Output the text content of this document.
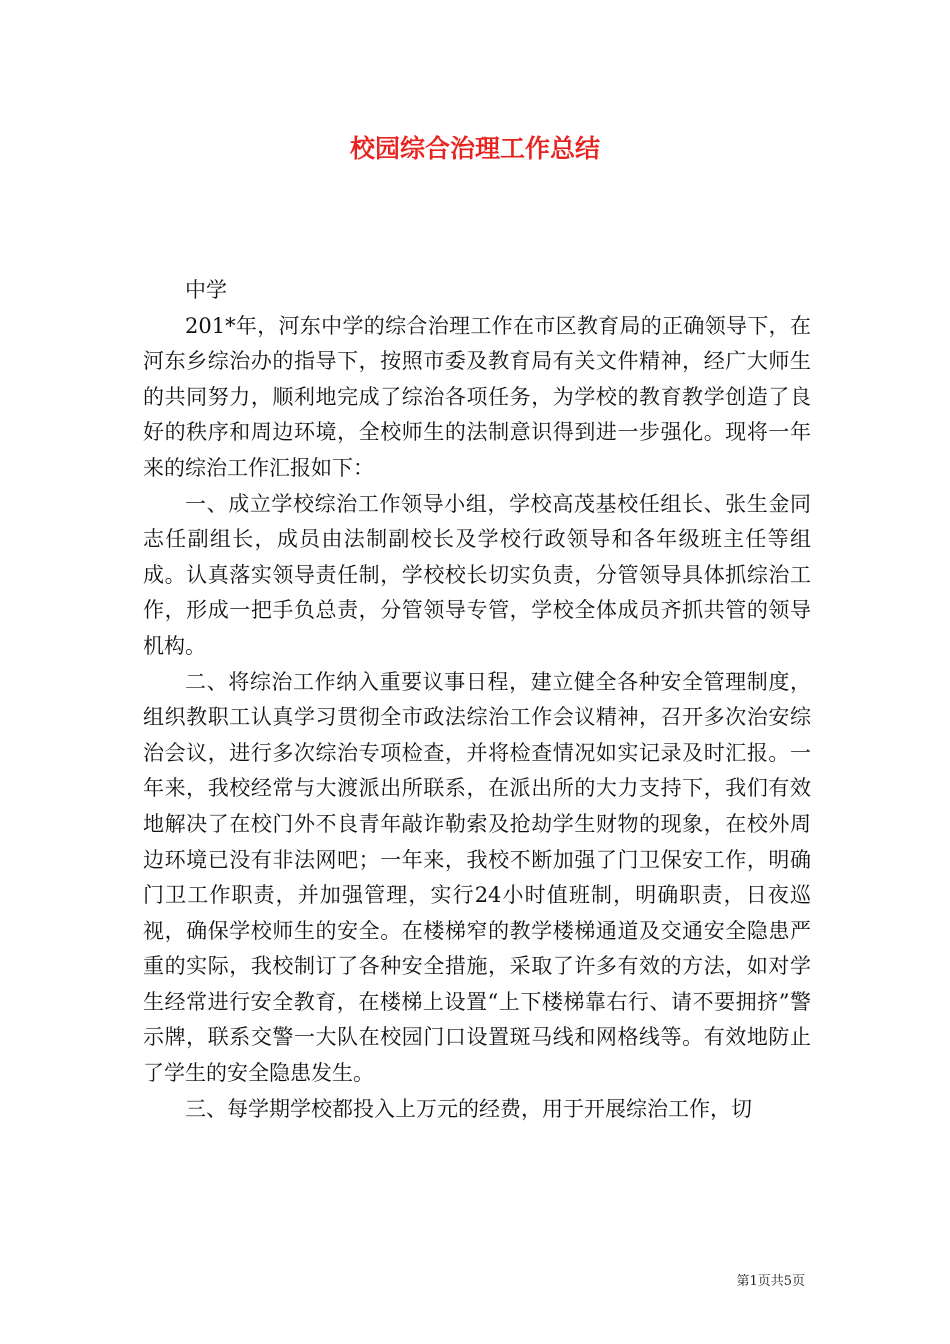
校园综合治理工作总结

中学

201*年，河东中学的综合治理工作在市区教育局的正确领导下，在河东乡综治办的指导下，按照市委及教育局有关文件精神，经广大师生的共同努力，顺利地完成了综治各项任务，为学校的教育教学创造了良好的秩序和周边环境，全校师生的法制意识得到进一步强化。现将一年来的综治工作汇报如下：

一、成立学校综治工作领导小组，学校高茂基校任组长、张生金同志任副组长，成员由法制副校长及学校行政领导和各年级班主任等组成。认真落实领导责任制，学校校长切实负责，分管领导具体抓综治工作，形成一把手负总责，分管领导专管，学校全体成员齐抓共管的领导机构。

二、将综治工作纳入重要议事日程，建立健全各种安全管理制度，组织教职工认真学习贯彻全市政法综治工作会议精神，召开多次治安综治会议，进行多次综治专项检查，并将检查情况如实记录及时汇报。一年来，我校经常与大渡派出所联系，在派出所的大力支持下，我们有效地解决了在校门外不良青年敲诈勒索及抢劫学生财物的现象，在校外周边环境已没有非法网吧；一年来，我校不断加强了门卫保安工作，明确门卫工作职责，并加强管理，实行24小时值班制，明确职责，日夜巡视，确保学校师生的安全。在楼梯窄的教学楼梯通道及交通安全隐患严重的实际，我校制订了各种安全措施，采取了许多有效的方法，如对学生经常进行安全教育，在楼梯上设置“上下楼梯靠右行、请不要拥挤”警示牌，联系交警一大队在校园门口设置斑马线和网格线等。有效地防止了学生的安全隐患发生。

三、每学期学校都投入上万元的经费，用于开展综治工作，切

第1页共5页
